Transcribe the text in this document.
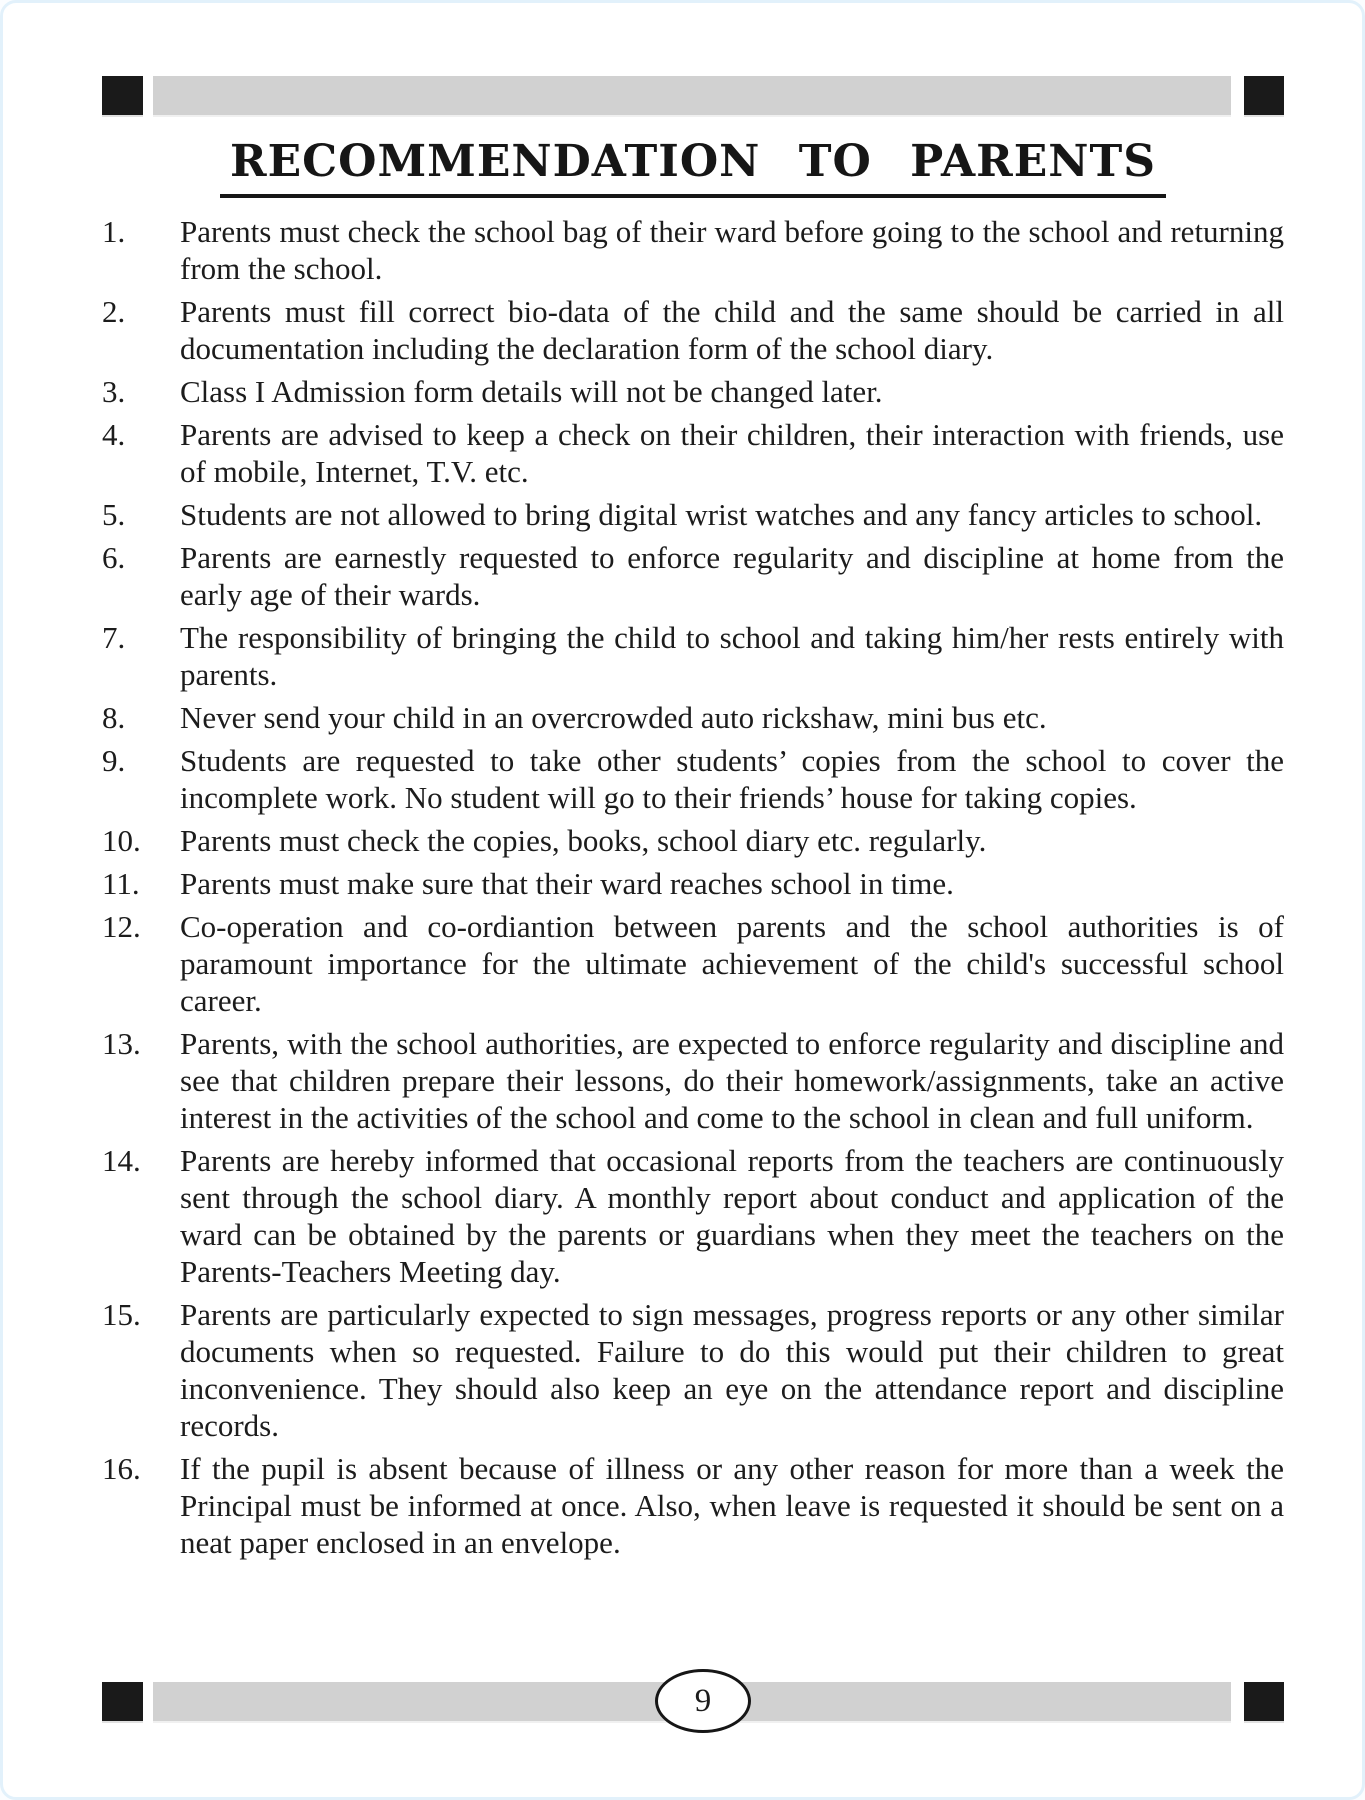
RECOMMENDATION TO PARENTS
1.	Parents must check the school bag of their ward before going to the school and returning from the school.
2.	Parents must fill correct bio-data of the child and the same should be carried in all documentation including the declaration form of the school diary.
3.	Class I Admission form details will not be changed later.
4.	Parents are advised to keep a check on their children, their interaction with friends, use of mobile, Internet, T.V. etc.
5.	Students are not allowed to bring digital wrist watches and any fancy articles to school.
6.	Parents are earnestly requested to enforce regularity and discipline at home from the early age of their wards.
7.	The responsibility of bringing the child to school and taking him/her rests entirely with parents.
8.	Never send your child in an overcrowded auto rickshaw, mini bus etc.
9.	Students are requested to take other students’ copies from the school to cover the incomplete work. No student will go to their friends’ house for taking copies.
10.	Parents must check the copies, books, school diary etc. regularly.
11.	Parents must make sure that their ward reaches school in time.
12.	Co-operation and co-ordiantion between parents and the school authorities is of paramount importance for the ultimate achievement of the child's successful school career.
13.	Parents, with the school authorities, are expected to enforce regularity and discipline and see that children prepare their lessons, do their homework/assignments, take an active interest in the activities of the school and come to the school in clean and full uniform.
14.	Parents are hereby informed that occasional reports from the teachers are continuously sent through the school diary. A monthly report about conduct and application of the ward can be obtained by the parents or guardians when they meet the teachers on the Parents-Teachers Meeting day.
15.	Parents are particularly expected to sign messages, progress reports or any other similar documents when so requested. Failure to do this would put their children to great inconvenience. They should also keep an eye on the attendance report and discipline records.
16.	If the pupil is absent because of illness or any other reason for more than a week the Principal must be informed at once. Also, when leave is requested it should be sent on a neat paper enclosed in an envelope.
9
